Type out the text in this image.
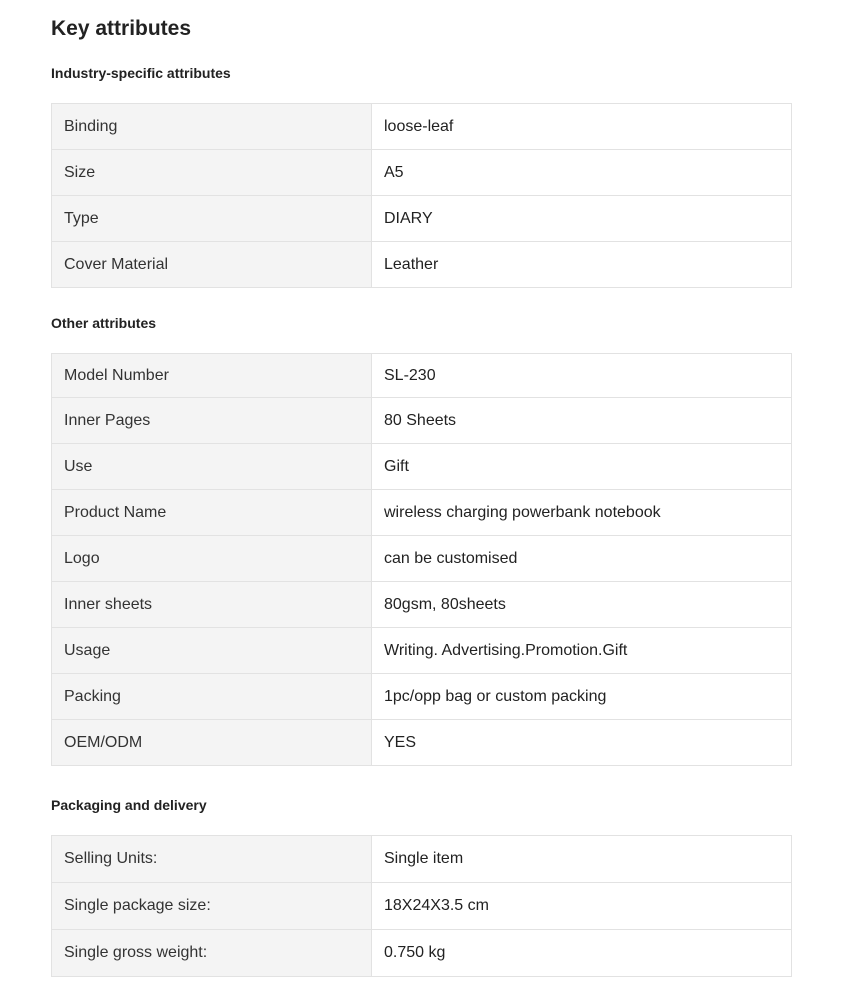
Key attributes
Industry-specific attributes
Binding	loose-leaf
Size	A5
Type	DIARY
Cover Material	Leather
Other attributes
Model Number	SL-230
Inner Pages	80 Sheets
Use	Gift
Product Name	wireless charging powerbank notebook
Logo	can be customised
Inner sheets	80gsm, 80sheets
Usage	Writing. Advertising.Promotion.Gift
Packing	1pc/opp bag or custom packing
OEM/ODM	YES
Packaging and delivery
Selling Units:	Single item
Single package size:	18X24X3.5 cm
Single gross weight:	0.750 kg
